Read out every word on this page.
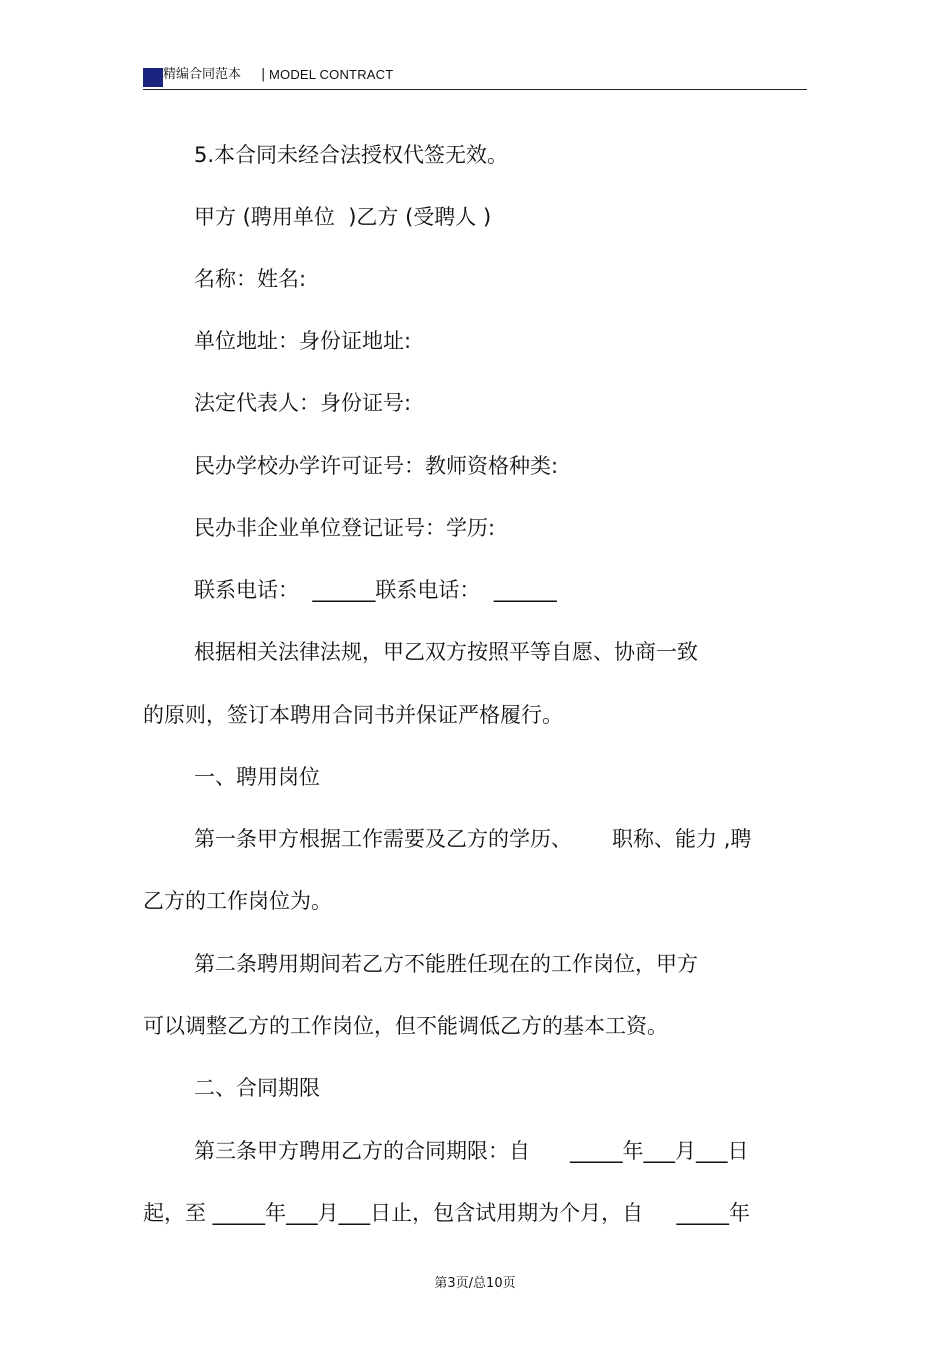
精编合同范本 | MODEL CONTRACT
5.本合同未经合法授权代签无效。
甲方 (聘用单位  )乙方 (受聘人 )
名称：姓名:
单位地址：身份证地址:
法定代表人：身份证号:
民办学校办学许可证号：教师资格种类:
民办非企业单位登记证号：学历:
联系电话：  ______联系电话：  ______
根据相关法律法规，甲乙双方按照平等自愿、协商一致
的原则，签订本聘用合同书并保证严格履行。
一、聘用岗位
第一条甲方根据工作需要及乙方的学历、      职称、能力 ,聘
乙方的工作岗位为。
第二条聘用期间若乙方不能胜任现在的工作岗位，甲方
可以调整乙方的工作岗位，但不能调低乙方的基本工资。
二、合同期限
第三条甲方聘用乙方的合同期限：自      _____年___月___日
起，至 _____年___月___日止，包含试用期为个月，自     _____年
第3页/总10页
